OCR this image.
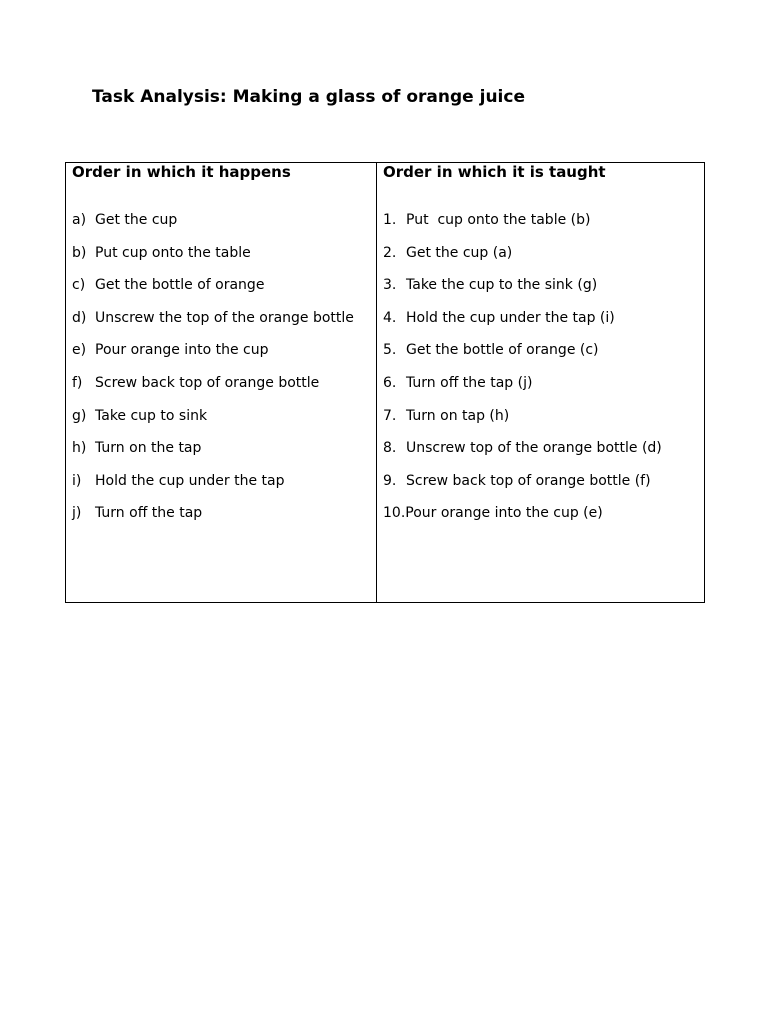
Task Analysis: Making a glass of orange juice
Order in which it happens
a) Get the cup
b) Put cup onto the table
c) Get the bottle of orange
d) Unscrew the top of the orange bottle
e) Pour orange into the cup
f) Screw back top of orange bottle
g) Take cup to sink
h) Turn on the tap
i) Hold the cup under the tap
j) Turn off the tap
Order in which it is taught
1. Put  cup onto the table (b)
2. Get the cup (a)
3. Take the cup to the sink (g)
4. Hold the cup under the tap (i)
5. Get the bottle of orange (c)
6. Turn off the tap (j)
7. Turn on tap (h)
8. Unscrew top of the orange bottle (d)
9. Screw back top of orange bottle (f)
10. Pour orange into the cup (e)
